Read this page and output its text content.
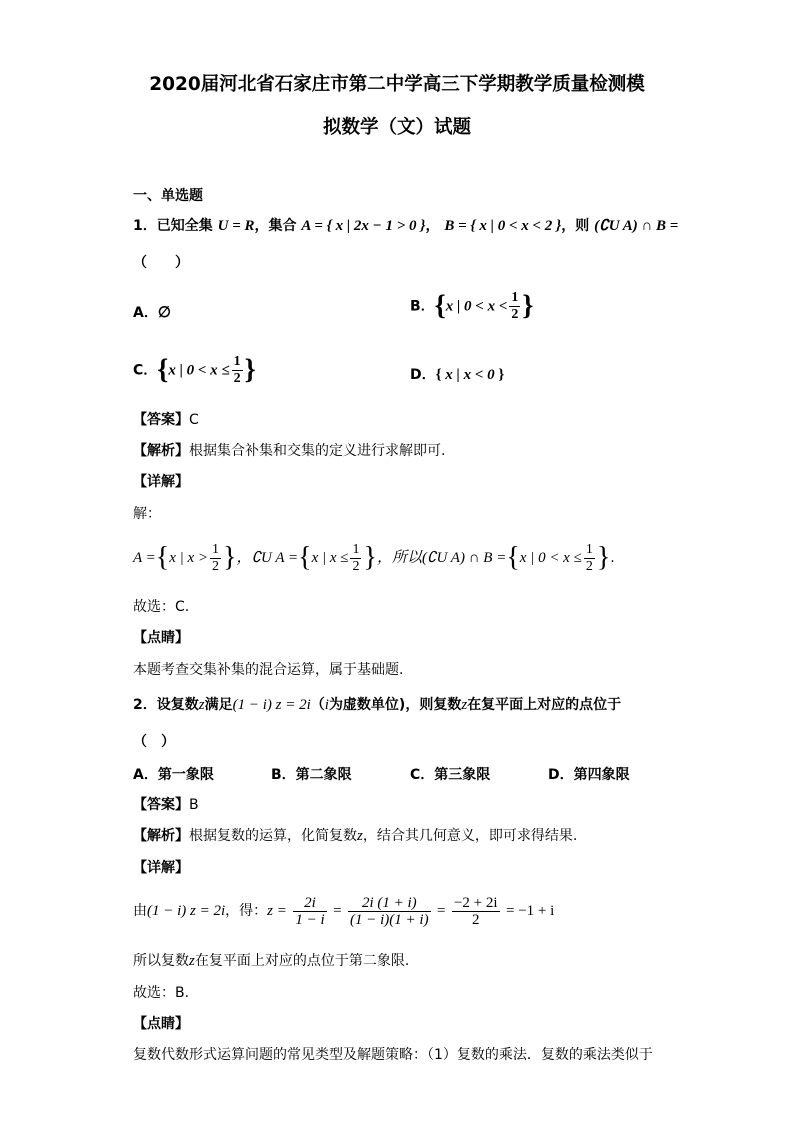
2020届河北省石家庄市第二中学高三下学期教学质量检测模
拟数学（文）试题
一、单选题
1．已知全集 U = R，集合 A = { x | 2x − 1 > 0 }， B = { x | 0 < x < 2 }，则 (∁U A) ∩ B =
（　　）
A．∅	B．{x | $0 < x < \frac{1}{2}$ }
C．{x | $0 < x \le \frac{1}{2}$ }	D．{ x | x < 0 }
【答案】C
【解析】根据集合补集和交集的定义进行求解即可.
【详解】
解：
A ={x | $x > \frac{1}{2}$ }，∁U A ={x | $x \le \frac{1}{2}$ }，所以(∁U A) ∩ B ={x | $0 < x \le \frac{1}{2}$ }.
故选：C.
【点睛】
本题考查交集补集的混合运算，属于基础题.
2．设复数z满足(1 − i) z = 2i（i为虚数单位)，则复数z在复平面上对应的点位于
（　）
A．第一象限	B．第二象限	C．第三象限	D．第四象限
【答案】B
【解析】根据复数的运算，化简复数z，结合其几何意义，即可求得结果.
【详解】
由(1 − i) z = 2i，得：$z = \frac{2i}{1 - i} = \frac{2i (1 + i)}{(1 - i)(1 + i)} = \frac{-2 + 2i}{2} = -1 + i$
所以复数z在复平面上对应的点位于第二象限.
故选：B.
【点睛】
复数代数形式运算问题的常见类型及解题策略：（1）复数的乘法．复数的乘法类似于
